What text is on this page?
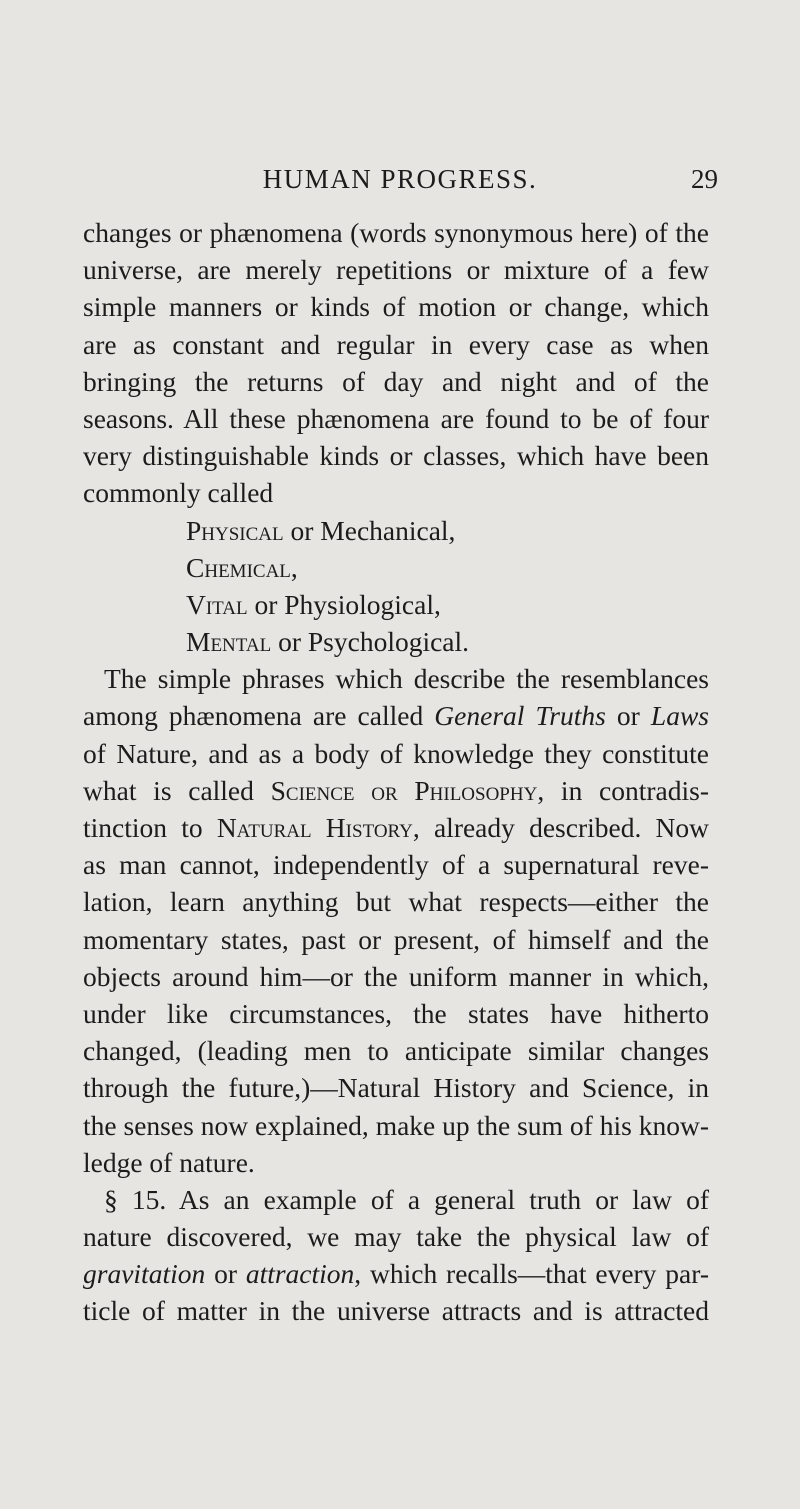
HUMAN PROGRESS.	29
changes or phænomena (words synonymous here) of the
universe, are merely repetitions or mixture of a few
simple manners or kinds of motion or change, which
are as constant and regular in every case as when
bringing the returns of day and night and of the
seasons. All these phænomena are found to be of four
very distinguishable kinds or classes, which have been
commonly called
Physical or Mechanical,
Chemical,
Vital or Physiological,
Mental or Psychological.
The simple phrases which describe the resemblances
among phænomena are called General Truths or Laws
of Nature, and as a body of knowledge they constitute
what is called Science or Philosophy, in contradis-
tinction to Natural History, already described. Now
as man cannot, independently of a supernatural reve-
lation, learn anything but what respects—either the
momentary states, past or present, of himself and the
objects around him—or the uniform manner in which,
under like circumstances, the states have hitherto
changed, (leading men to anticipate similar changes
through the future,)—Natural History and Science, in
the senses now explained, make up the sum of his know-
ledge of nature.
§ 15. As an example of a general truth or law of
nature discovered, we may take the physical law of
gravitation or attraction, which recalls—that every par-
ticle of matter in the universe attracts and is attracted
